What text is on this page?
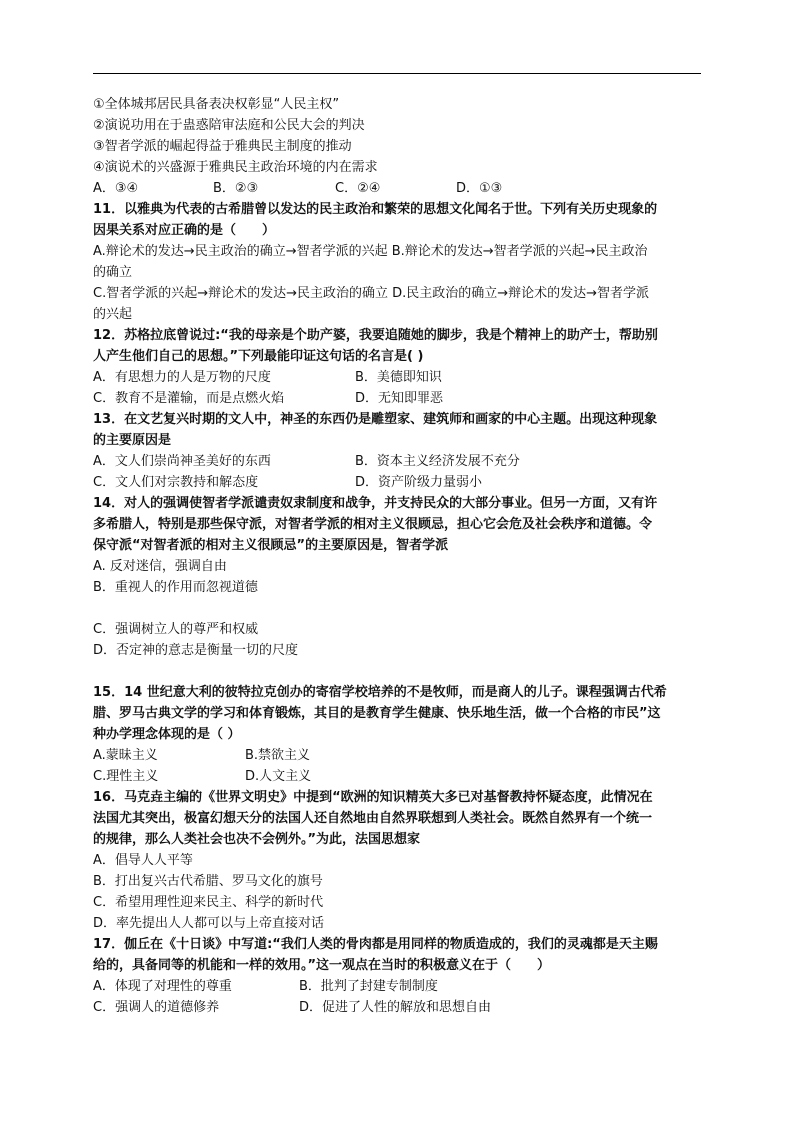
①全体城邦居民具备表决权彰显“人民主权”

②演说功用在于蛊惑陪审法庭和公民大会的判决

③智者学派的崛起得益于雅典民主制度的推动

④演说术的兴盛源于雅典民主政治环境的内在需求

A．③④	B．②③	C．②④	D．①③

11．以雅典为代表的古希腊曾以发达的民主政治和繁荣的思想文化闻名于世。下列有关历史现象的

因果关系对应正确的是（　　）

A.辩论术的发达→民主政治的确立→智者学派的兴起 B.辩论术的发达→智者学派的兴起→民主政治

的确立

C.智者学派的兴起→辩论术的发达→民主政治的确立 D.民主政治的确立→辩论术的发达→智者学派

的兴起

12．苏格拉底曾说过:“我的母亲是个助产婆，我要追随她的脚步，我是个精神上的助产士，帮助别

人产生他们自己的思想。”下列最能印证这句话的名言是( )

A．有思想力的人是万物的尺度	B．美德即知识
C．教育不是灌输，而是点燃火焰	D．无知即罪恶

13．在文艺复兴时期的文人中，神圣的东西仍是雕塑家、建筑师和画家的中心主题。出现这种现象

的主要原因是

A．文人们崇尚神圣美好的东西	B．资本主义经济发展不充分
C．文人们对宗教持和解态度	D．资产阶级力量弱小

14．对人的强调使智者学派谴责奴隶制度和战争，并支持民众的大部分事业。但另一方面，又有许

多希腊人，特别是那些保守派，对智者学派的相对主义很顾忌，担心它会危及社会秩序和道德。令

保守派“对智者派的相对主义很顾忌”的主要原因是，智者学派

A. 反对迷信，强调自由

B．重视人的作用而忽视道德

C．强调树立人的尊严和权威

D．否定神的意志是衡量一切的尺度

15．14 世纪意大利的彼特拉克创办的寄宿学校培养的不是牧师，而是商人的儿子。课程强调古代希

腊、罗马古典文学的学习和体育锻炼，其目的是教育学生健康、快乐地生活，做一个合格的市民”这

种办学理念体现的是（ ）

A.蒙昧主义	B.禁欲主义
C.理性主义	D.人文主义

16．马克垚主编的《世界文明史》中提到“欧洲的知识精英大多已对基督教持怀疑态度，此情况在

法国尤其突出，极富幻想天分的法国人还自然地由自然界联想到人类社会。既然自然界有一个统一

的规律，那么人类社会也决不会例外。”为此，法国思想家

A．倡导人人平等

B．打出复兴古代希腊、罗马文化的旗号

C．希望用理性迎来民主、科学的新时代

D．率先提出人人都可以与上帝直接对话

17．伽丘在《十日谈》中写道:“我们人类的骨肉都是用同样的物质造成的，我们的灵魂都是天主赐

给的，具备同等的机能和一样的效用。”这一观点在当时的积极意义在于（　　）

A．体现了对理性的尊重	B．批判了封建专制制度
C．强调人的道德修养	D．促进了人性的解放和思想自由
